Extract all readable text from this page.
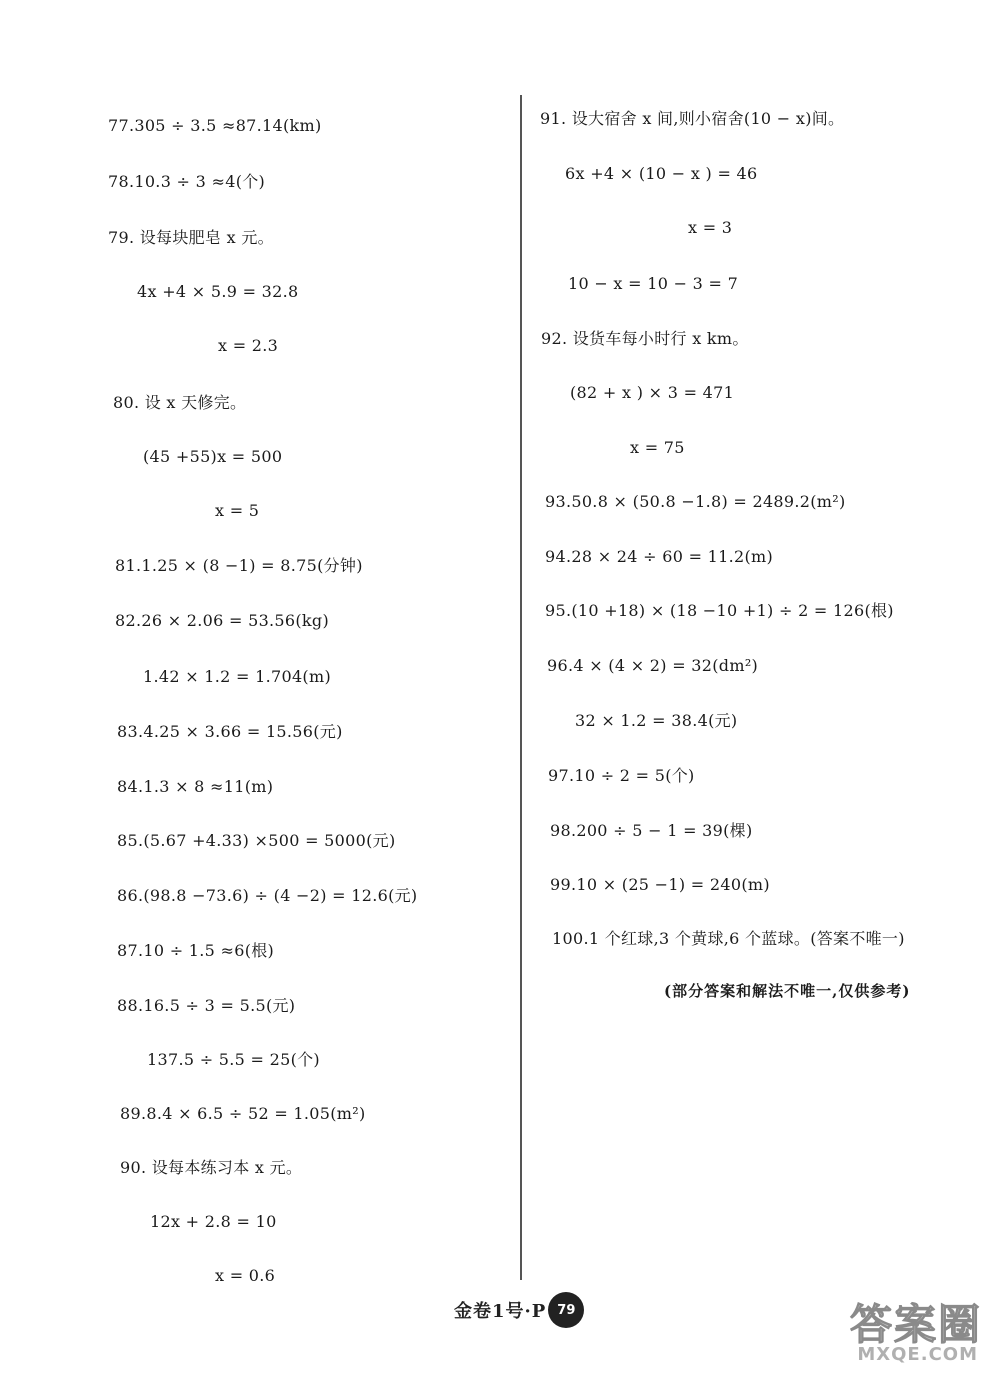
77.305 ÷ 3.5 ≈87.14(km)
78.10.3 ÷ 3 ≈4(个)
79. 设每块肥皂 x 元。
4x +4 × 5.9 = 32.8
x = 2.3
80. 设 x 天修完。
(45 +55)x = 500
x = 5
81.1.25 × (8 −1) = 8.75(分钟)
82.26 × 2.06 = 53.56(kg)
1.42 × 1.2 = 1.704(m)
83.4.25 × 3.66 = 15.56(元)
84.1.3 × 8 ≈11(m)
85.(5.67 +4.33) ×500 = 5000(元)
86.(98.8 −73.6) ÷ (4 −2) = 12.6(元)
87.10 ÷ 1.5 ≈6(根)
88.16.5 ÷ 3 = 5.5(元)
137.5 ÷ 5.5 = 25(个)
89.8.4 × 6.5 ÷ 52 = 1.05(m²)
90. 设每本练习本 x 元。
12x + 2.8 = 10
x = 0.6
91. 设大宿舍 x 间,则小宿舍(10 − x)间。
6x +4 × (10 − x ) = 46
x = 3
10 − x = 10 − 3 = 7
92. 设货车每小时行 x km。
(82 + x ) × 3 = 471
x = 75
93.50.8 × (50.8 −1.8) = 2489.2(m²)
94.28 × 24 ÷ 60 = 11.2(m)
95.(10 +18) × (18 −10 +1) ÷ 2 = 126(根)
96.4 × (4 × 2) = 32(dm²)
32 × 1.2 = 38.4(元)
97.10 ÷ 2 = 5(个)
98.200 ÷ 5 − 1 = 39(棵)
99.10 × (25 −1) = 240(m)
100.1 个红球,3 个黄球,6 个蓝球。(答案不唯一)
(部分答案和解法不唯一,仅供参考)
金卷1号·P 79	答案圈
MXQE.COM
